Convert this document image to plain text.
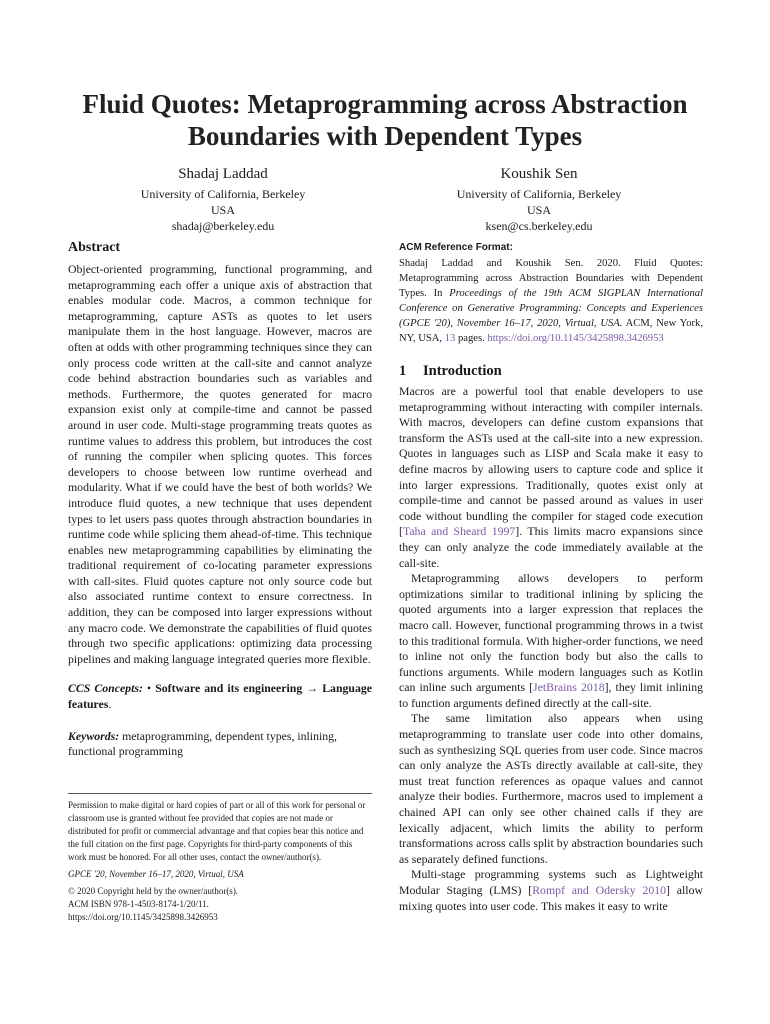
Fluid Quotes: Metaprogramming across Abstraction Boundaries with Dependent Types
Shadaj Laddad
University of California, Berkeley
USA
shadaj@berkeley.edu
Koushik Sen
University of California, Berkeley
USA
ksen@cs.berkeley.edu
Abstract

Object-oriented programming, functional programming, and metaprogramming each offer a unique axis of abstraction that enables modular code. Macros, a common technique for metaprogramming, capture ASTs as quotes to let users manipulate them in the host language. However, macros are often at odds with other programming techniques since they can only process code written at the call-site and cannot analyze code behind abstraction boundaries such as variables and methods. Furthermore, the quotes generated for macro expansion exist only at compile-time and cannot be passed around in user code. Multi-stage programming treats quotes as runtime values to address this problem, but introduces the cost of running the compiler when splicing quotes. This forces developers to choose between low runtime overhead and modularity. What if we could have the best of both worlds? We introduce fluid quotes, a new technique that uses dependent types to let users pass quotes through abstraction boundaries in runtime code while splicing them ahead-of-time. This technique enables new metaprogramming capabilities by eliminating the traditional requirement of co-locating parameter expressions with call-sites. Fluid quotes capture not only source code but also associated runtime context to ensure correctness. In addition, they can be composed into larger expressions without any macro code. We demonstrate the capabilities of fluid quotes through two specific applications: optimizing data processing pipelines and making language integrated queries more flexible.

CCS Concepts: • Software and its engineering → Language features.
Keywords: metaprogramming, dependent types, inlining, functional programming

Permission to make digital or hard copies of part or all of this work for personal or classroom use is granted without fee provided that copies are not made or distributed for profit or commercial advantage and that copies bear this notice and the full citation on the first page. Copyrights for third-party components of this work must be honored. For all other uses, contact the owner/author(s).

GPCE '20, November 16–17, 2020, Virtual, USA

© 2020 Copyright held by the owner/author(s).

ACM ISBN 978-1-4503-8174-1/20/11.

https://doi.org/10.1145/3425898.3426953

ACM Reference Format:

Shadaj Laddad and Koushik Sen. 2020. Fluid Quotes: Metaprogramming across Abstraction Boundaries with Dependent Types. In Proceedings of the 19th ACM SIGPLAN International Conference on Generative Programming: Concepts and Experiences (GPCE '20), November 16–17, 2020, Virtual, USA. ACM, New York, NY, USA, 13 pages. https://doi.org/10.1145/3425898.3426953

1 Introduction

Macros are a powerful tool that enable developers to use metaprogramming without interacting with compiler internals. With macros, developers can define custom expansions that transform the ASTs used at the call-site into a new expression. Quotes in languages such as LISP and Scala make it easy to define macros by allowing users to capture code and splice it into larger expressions. Traditionally, quotes exist only at compile-time and cannot be passed around as values in user code without bundling the compiler for staged code execution [Taha and Sheard 1997]. This limits macro expansions since they can only analyze the code immediately available at the call-site.

Metaprogramming allows developers to perform optimizations similar to traditional inlining by splicing the quoted arguments into a larger expression that replaces the macro call. However, functional programming throws in a twist to this traditional formula. With higher-order functions, we need to inline not only the function body but also the calls to functions arguments. While modern languages such as Kotlin can inline such arguments [JetBrains 2018], they limit inlining to function arguments defined directly at the call-site.

The same limitation also appears when using metaprogramming to translate user code into other domains, such as synthesizing SQL queries from user code. Since macros can only analyze the ASTs directly available at call-site, they must treat function references as opaque values and cannot analyze their bodies. Furthermore, macros used to implement a chained API can only see other chained calls if they are lexically adjacent, which limits the ability to perform transformations across calls split by abstraction boundaries such as separately defined functions.

Multi-stage programming systems such as Lightweight Modular Staging (LMS) [Rompf and Odersky 2010] allow mixing quotes into user code. This makes it easy to write
